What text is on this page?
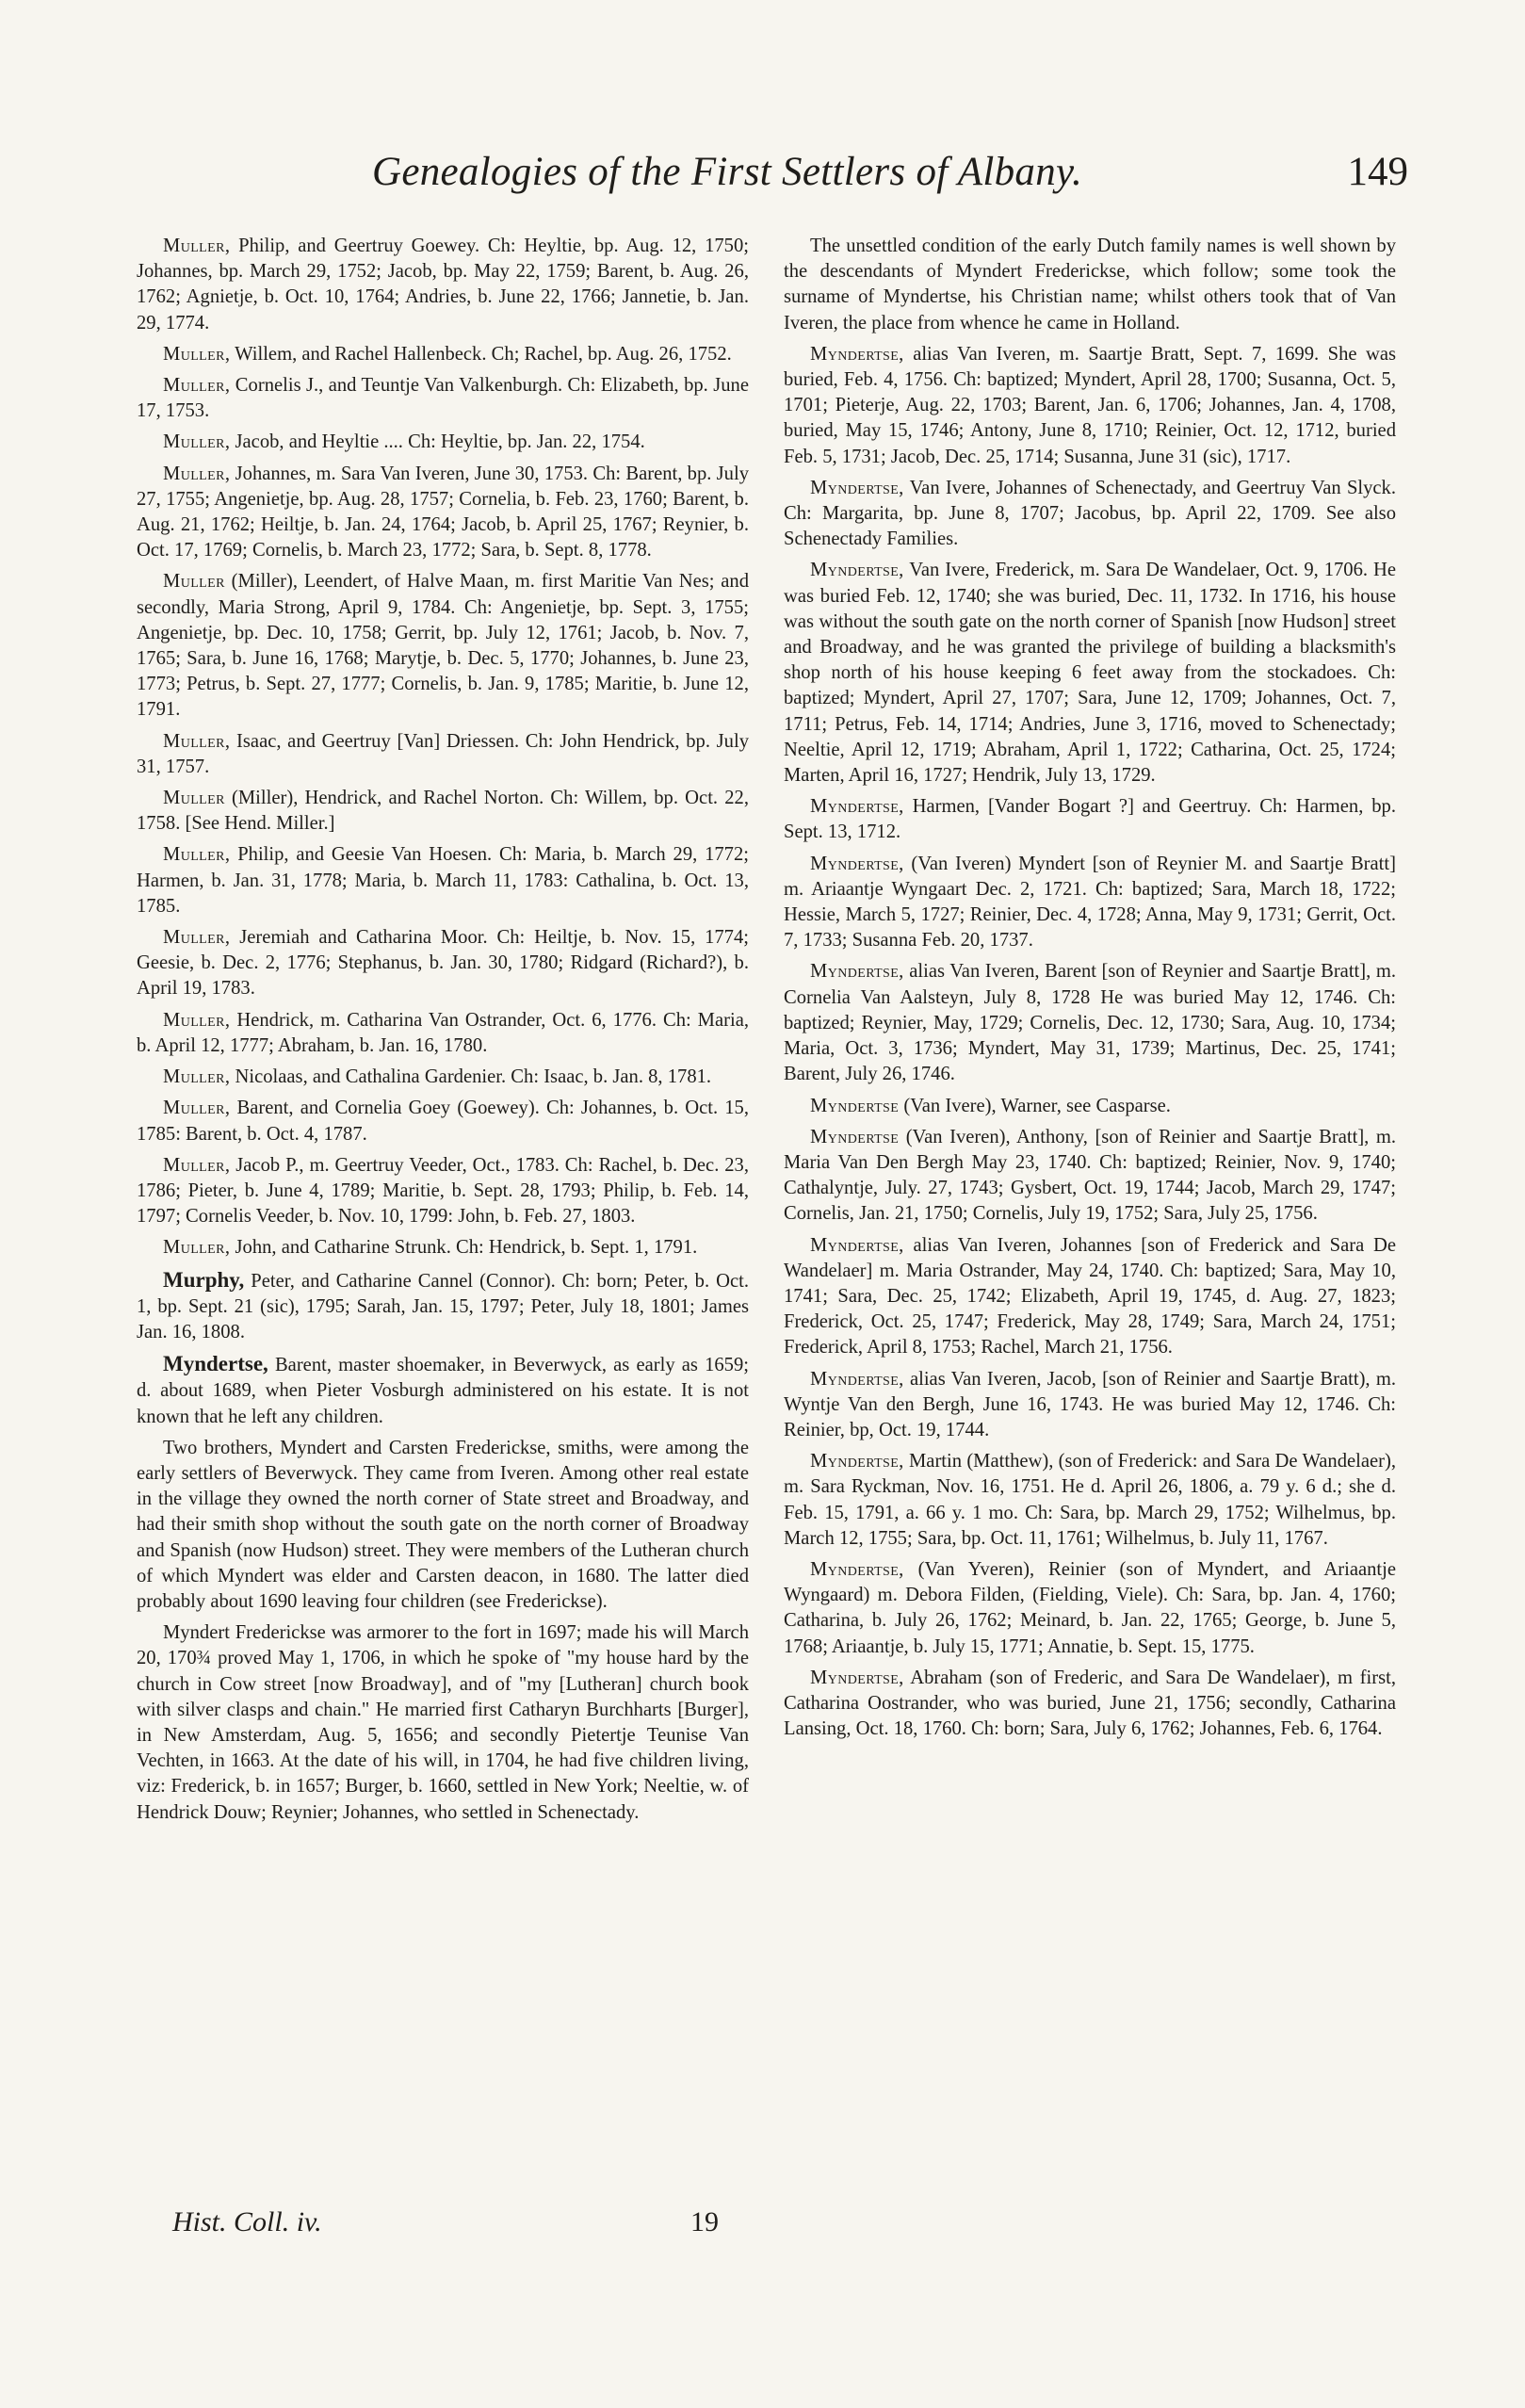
Genealogies of the First Settlers of Albany.	149

Muller, Philip, and Geertruy Goewey. Ch: Heyltie, bp. Aug. 12, 1750; Johannes, bp. March 29, 1752; Jacob, bp. May 22, 1759; Barent, b. Aug. 26, 1762; Agnietje, b. Oct. 10, 1764; Andries, b. June 22, 1766; Jannetie, b. Jan. 29, 1774.

Muller, Willem, and Rachel Hallenbeck. Ch; Rachel, bp. Aug. 26, 1752.

Muller, Cornelis J., and Teuntje Van Valkenburgh. Ch: Elizabeth, bp. June 17, 1753.

Muller, Jacob, and Heyltie .... Ch: Heyltie, bp. Jan. 22, 1754.

Muller, Johannes, m. Sara Van Iveren, June 30, 1753. Ch: Barent, bp. July 27, 1755; Angenietje, bp. Aug. 28, 1757; Cornelia, b. Feb. 23, 1760; Barent, b. Aug. 21, 1762; Heiltje, b. Jan. 24, 1764; Jacob, b. April 25, 1767; Reynier, b. Oct. 17, 1769; Cornelis, b. March 23, 1772; Sara, b. Sept. 8, 1778.

Muller (Miller), Leendert, of Halve Maan, m. first Maritie Van Nes; and secondly, Maria Strong, April 9, 1784. Ch: Angenietje, bp. Sept. 3, 1755; Angenietje, bp. Dec. 10, 1758; Gerrit, bp. July 12, 1761; Jacob, b. Nov. 7, 1765; Sara, b. June 16, 1768; Marytje, b. Dec. 5, 1770; Johannes, b. June 23, 1773; Petrus, b. Sept. 27, 1777; Cornelis, b. Jan. 9, 1785; Maritie, b. June 12, 1791.

Muller, Isaac, and Geertruy [Van] Driessen. Ch: John Hendrick, bp. July 31, 1757.

Muller (Miller), Hendrick, and Rachel Norton. Ch: Willem, bp. Oct. 22, 1758. [See Hend. Miller.]

Muller, Philip, and Geesie Van Hoesen. Ch: Maria, b. March 29, 1772; Harmen, b. Jan. 31, 1778; Maria, b. March 11, 1783: Cathalina, b. Oct. 13, 1785.

Muller, Jeremiah and Catharina Moor. Ch: Heiltje, b. Nov. 15, 1774; Geesie, b. Dec. 2, 1776; Stephanus, b. Jan. 30, 1780; Ridgard (Richard?), b. April 19, 1783.

Muller, Hendrick, m. Catharina Van Ostrander, Oct. 6, 1776. Ch: Maria, b. April 12, 1777; Abraham, b. Jan. 16, 1780.

Muller, Nicolaas, and Cathalina Gardenier. Ch: Isaac, b. Jan. 8, 1781.

Muller, Barent, and Cornelia Goey (Goewey). Ch: Johannes, b. Oct. 15, 1785: Barent, b. Oct. 4, 1787.

Muller, Jacob P., m. Geertruy Veeder, Oct., 1783. Ch: Rachel, b. Dec. 23, 1786; Pieter, b. June 4, 1789; Maritie, b. Sept. 28, 1793; Philip, b. Feb. 14, 1797; Cornelis Veeder, b. Nov. 10, 1799: John, b. Feb. 27, 1803.

Muller, John, and Catharine Strunk. Ch: Hendrick, b. Sept. 1, 1791.

Murphy, Peter, and Catharine Cannel (Connor). Ch: born; Peter, b. Oct. 1, bp. Sept. 21 (sic), 1795; Sarah, Jan. 15, 1797; Peter, July 18, 1801; James Jan. 16, 1808.

Myndertse, Barent, master shoemaker, in Beverwyck, as early as 1659; d. about 1689, when Pieter Vosburgh administered on his estate. It is not known that he left any children.

Two brothers, Myndert and Carsten Frederickse, smiths, were among the early settlers of Beverwyck. They came from Iveren. Among other real estate in the village they owned the north corner of State street and Broadway, and had their smith shop without the south gate on the north corner of Broadway and Spanish (now Hudson) street. They were members of the Lutheran church of which Myndert was elder and Carsten deacon, in 1680. The latter died probably about 1690 leaving four children (see Frederickse).

Myndert Frederickse was armorer to the fort in 1697; made his will March 20, 170¾ proved May 1, 1706, in which he spoke of "my house hard by the church in Cow street [now Broadway], and of "my [Lutheran] church book with silver clasps and chain." He married first Catharyn Burchharts [Burger], in New Amsterdam, Aug. 5, 1656; and secondly Pietertje Teunise Van Vechten, in 1663. At the date of his will, in 1704, he had five children living, viz: Frederick, b. in 1657; Burger, b. 1660, settled in New York; Neeltie, w. of Hendrick Douw; Reynier; Johannes, who settled in Schenectady.

The unsettled condition of the early Dutch family names is well shown by the descendants of Myndert Frederickse, which follow; some took the surname of Myndertse, his Christian name; whilst others took that of Van Iveren, the place from whence he came in Holland.

Myndertse, alias Van Iveren, m. Saartje Bratt, Sept. 7, 1699. She was buried, Feb. 4, 1756. Ch: baptized; Myndert, April 28, 1700; Susanna, Oct. 5, 1701; Pieterje, Aug. 22, 1703; Barent, Jan. 6, 1706; Johannes, Jan. 4, 1708, buried, May 15, 1746; Antony, June 8, 1710; Reinier, Oct. 12, 1712, buried Feb. 5, 1731; Jacob, Dec. 25, 1714; Susanna, June 31 (sic), 1717.

Myndertse, Van Ivere, Johannes of Schenectady, and Geertruy Van Slyck. Ch: Margarita, bp. June 8, 1707; Jacobus, bp. April 22, 1709. See also Schenectady Families.

Myndertse, Van Ivere, Frederick, m. Sara De Wandelaer, Oct. 9, 1706. He was buried Feb. 12, 1740; she was buried, Dec. 11, 1732. In 1716, his house was without the south gate on the north corner of Spanish [now Hudson] street and Broadway, and he was granted the privilege of building a blacksmith's shop north of his house keeping 6 feet away from the stockadoes. Ch: baptized; Myndert, April 27, 1707; Sara, June 12, 1709; Johannes, Oct. 7, 1711; Petrus, Feb. 14, 1714; Andries, June 3, 1716, moved to Schenectady; Neeltie, April 12, 1719; Abraham, April 1, 1722; Catharina, Oct. 25, 1724; Marten, April 16, 1727; Hendrik, July 13, 1729.

Myndertse, Harmen, [Vander Bogart ?] and Geertruy. Ch: Harmen, bp. Sept. 13, 1712.

Myndertse, (Van Iveren) Myndert [son of Reynier M. and Saartje Bratt] m. Ariaantje Wyngaart Dec. 2, 1721. Ch: baptized; Sara, March 18, 1722; Hessie, March 5, 1727; Reinier, Dec. 4, 1728; Anna, May 9, 1731; Gerrit, Oct. 7, 1733; Susanna Feb. 20, 1737.

Myndertse, alias Van Iveren, Barent [son of Reynier and Saartje Bratt], m. Cornelia Van Aalsteyn, July 8, 1728 He was buried May 12, 1746. Ch: baptized; Reynier, May, 1729; Cornelis, Dec. 12, 1730; Sara, Aug. 10, 1734; Maria, Oct. 3, 1736; Myndert, May 31, 1739; Martinus, Dec. 25, 1741; Barent, July 26, 1746.

Myndertse (Van Ivere), Warner, see Casparse.

Myndertse (Van Iveren), Anthony, [son of Reinier and Saartje Bratt], m. Maria Van Den Bergh May 23, 1740. Ch: baptized; Reinier, Nov. 9, 1740; Cathalyntje, July. 27, 1743; Gysbert, Oct. 19, 1744; Jacob, March 29, 1747; Cornelis, Jan. 21, 1750; Cornelis, July 19, 1752; Sara, July 25, 1756.

Myndertse, alias Van Iveren, Johannes [son of Frederick and Sara De Wandelaer] m. Maria Ostrander, May 24, 1740. Ch: baptized; Sara, May 10, 1741; Sara, Dec. 25, 1742; Elizabeth, April 19, 1745, d. Aug. 27, 1823; Frederick, Oct. 25, 1747; Frederick, May 28, 1749; Sara, March 24, 1751; Frederick, April 8, 1753; Rachel, March 21, 1756.

Myndertse, alias Van Iveren, Jacob, [son of Reinier and Saartje Bratt), m. Wyntje Van den Bergh, June 16, 1743. He was buried May 12, 1746. Ch: Reinier, bp, Oct. 19, 1744.

Myndertse, Martin (Matthew), (son of Frederick: and Sara De Wandelaer), m. Sara Ryckman, Nov. 16, 1751. He d. April 26, 1806, a. 79 y. 6 d.; she d. Feb. 15, 1791, a. 66 y. 1 mo. Ch: Sara, bp. March 29, 1752; Wilhelmus, bp. March 12, 1755; Sara, bp. Oct. 11, 1761; Wilhelmus, b. July 11, 1767.

Myndertse, (Van Yveren), Reinier (son of Myndert, and Ariaantje Wyngaard) m. Debora Filden, (Fielding, Viele). Ch: Sara, bp. Jan. 4, 1760; Catharina, b. July 26, 1762; Meinard, b. Jan. 22, 1765; George, b. June 5, 1768; Ariaantje, b. July 15, 1771; Annatie, b. Sept. 15, 1775.

Myndertse, Abraham (son of Frederic, and Sara De Wandelaer), m first, Catharina Oostrander, who was buried, June 21, 1756; secondly, Catharina Lansing, Oct. 18, 1760. Ch: born; Sara, July 6, 1762; Johannes, Feb. 6, 1764.

Hist. Coll. iv.	19
